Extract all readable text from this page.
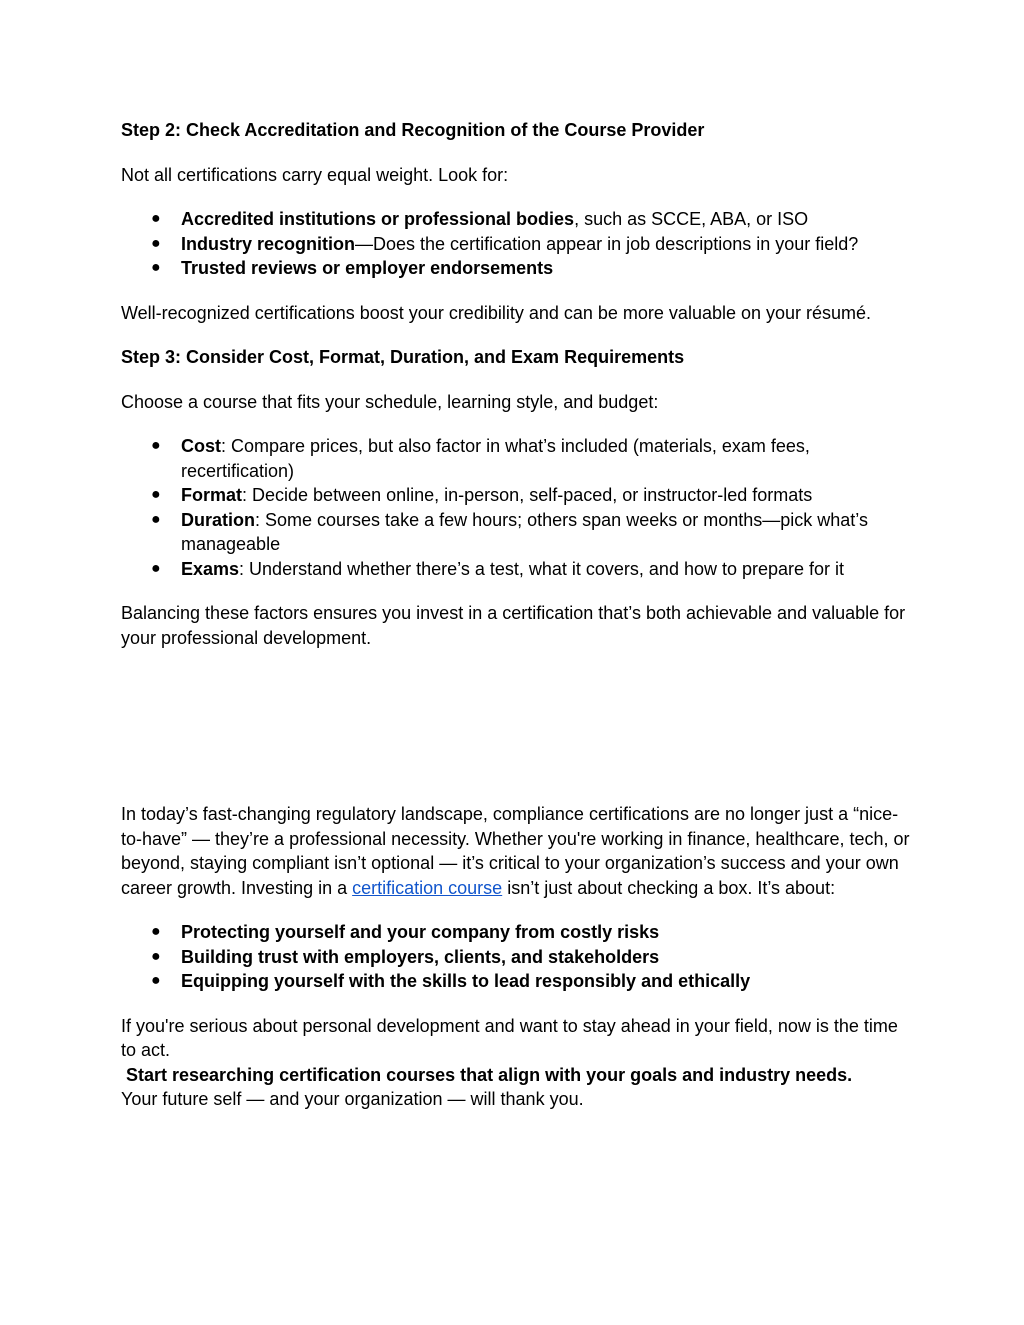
Step 2: Check Accreditation and Recognition of the Course Provider

Not all certifications carry equal weight. Look for:

● Accredited institutions or professional bodies, such as SCCE, ABA, or ISO
● Industry recognition—Does the certification appear in job descriptions in your field?
● Trusted reviews or employer endorsements

Well-recognized certifications boost your credibility and can be more valuable on your résumé.

Step 3: Consider Cost, Format, Duration, and Exam Requirements

Choose a course that fits your schedule, learning style, and budget:

● Cost: Compare prices, but also factor in what’s included (materials, exam fees, recertification)
● Format: Decide between online, in-person, self-paced, or instructor-led formats
● Duration: Some courses take a few hours; others span weeks or months—pick what’s manageable
● Exams: Understand whether there’s a test, what it covers, and how to prepare for it

Balancing these factors ensures you invest in a certification that’s both achievable and valuable for your professional development.

In today’s fast-changing regulatory landscape, compliance certifications are no longer just a “nice-to-have” — they’re a professional necessity. Whether you're working in finance, healthcare, tech, or beyond, staying compliant isn’t optional — it’s critical to your organization’s success and your own career growth. Investing in a certification course isn’t just about checking a box. It’s about:

● Protecting yourself and your company from costly risks
● Building trust with employers, clients, and stakeholders
● Equipping yourself with the skills to lead responsibly and ethically

If you're serious about personal development and want to stay ahead in your field, now is the time to act.

Start researching certification courses that align with your goals and industry needs.

Your future self — and your organization — will thank you.
